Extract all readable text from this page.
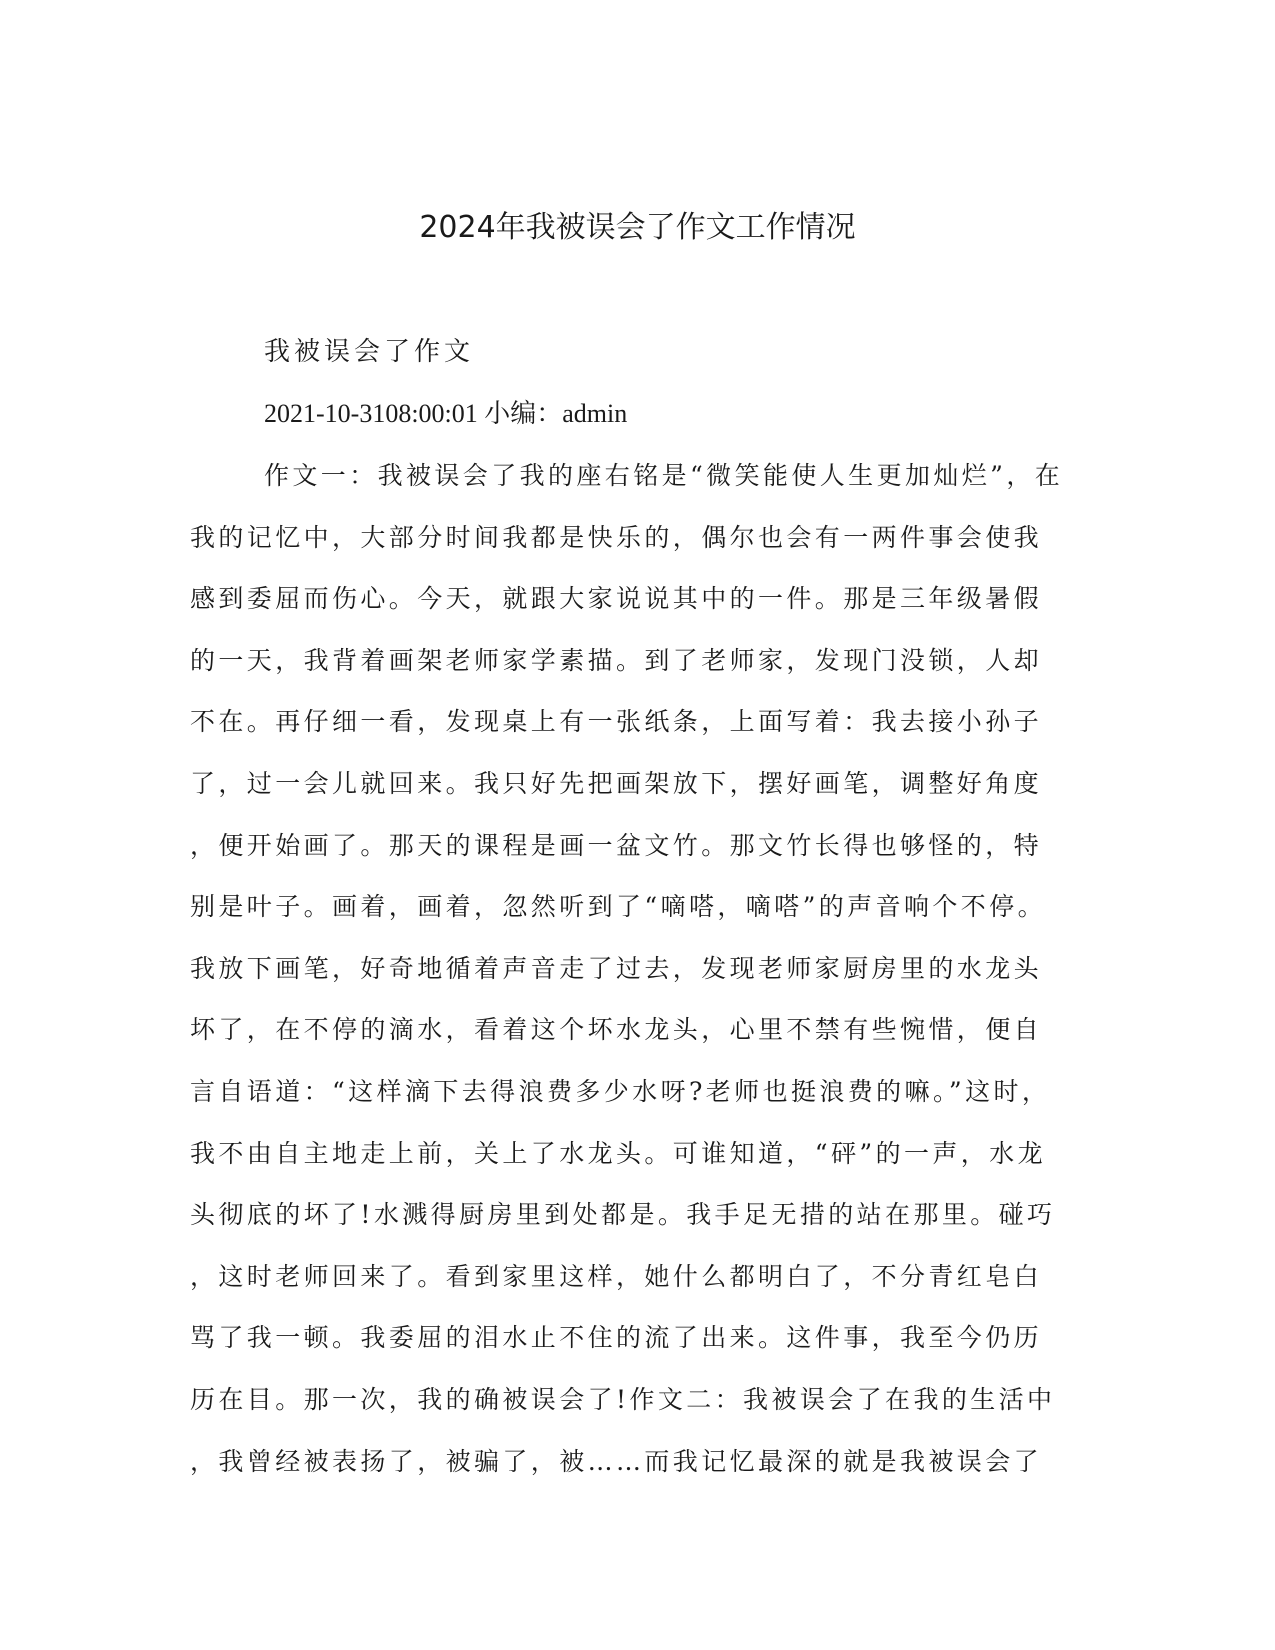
2024年我被误会了作文工作情况

我被误会了作文

2021-10-3108:00:01 小编：admin

作文一：我被误会了我的座右铭是“微笑能使人生更加灿烂”，在
我的记忆中，大部分时间我都是快乐的，偶尔也会有一两件事会使我
感到委屈而伤心。今天，就跟大家说说其中的一件。那是三年级暑假
的一天，我背着画架老师家学素描。到了老师家，发现门没锁，人却
不在。再仔细一看，发现桌上有一张纸条，上面写着：我去接小孙子
了，过一会儿就回来。我只好先把画架放下，摆好画笔，调整好角度
，便开始画了。那天的课程是画一盆文竹。那文竹长得也够怪的，特
别是叶子。画着，画着，忽然听到了“嘀嗒，嘀嗒”的声音响个不停。
我放下画笔，好奇地循着声音走了过去，发现老师家厨房里的水龙头
坏了，在不停的滴水，看着这个坏水龙头，心里不禁有些惋惜，便自
言自语道：“这样滴下去得浪费多少水呀?老师也挺浪费的嘛。”这时，
我不由自主地走上前，关上了水龙头。可谁知道，“砰”的一声，水龙
头彻底的坏了!水溅得厨房里到处都是。我手足无措的站在那里。碰巧
，这时老师回来了。看到家里这样，她什么都明白了，不分青红皂白
骂了我一顿。我委屈的泪水止不住的流了出来。这件事，我至今仍历
历在目。那一次，我的确被误会了!作文二：我被误会了在我的生活中
，我曾经被表扬了，被骗了，被……而我记忆最深的就是我被误会了
